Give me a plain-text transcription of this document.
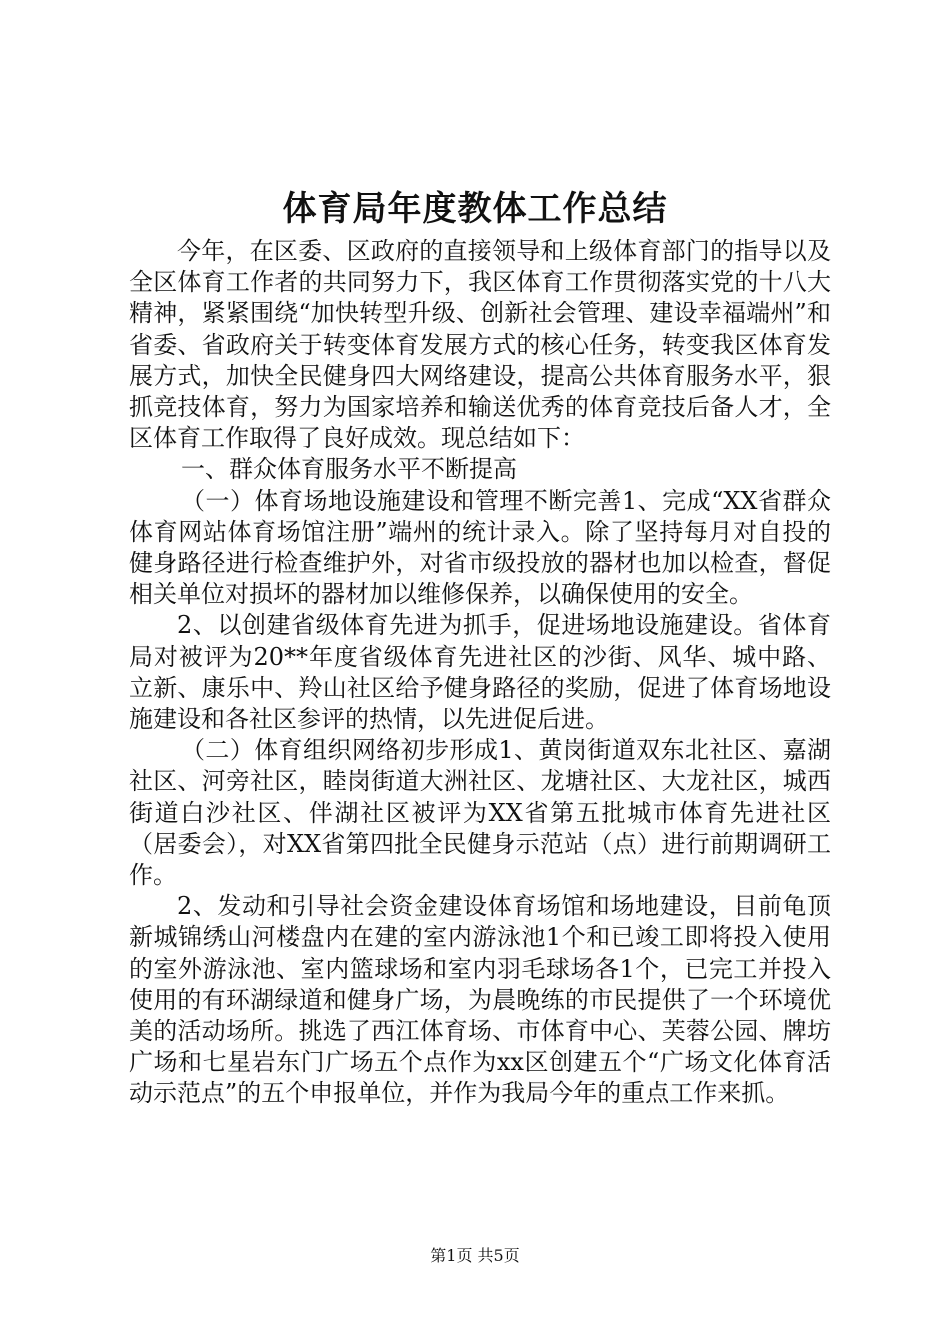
体育局年度教体工作总结

今年，在区委、区政府的直接领导和上级体育部门的指导以及全区体育工作者的共同努力下，我区体育工作贯彻落实党的十八大精神，紧紧围绕“加快转型升级、创新社会管理、建设幸福端州”和省委、省政府关于转变体育发展方式的核心任务，转变我区体育发展方式，加快全民健身四大网络建设，提高公共体育服务水平，狠抓竞技体育，努力为国家培养和输送优秀的体育竞技后备人才，全区体育工作取得了良好成效。现总结如下：

一、群众体育服务水平不断提高

（一）体育场地设施建设和管理不断完善1、完成“XX省群众体育网站体育场馆注册”端州的统计录入。除了坚持每月对自投的健身路径进行检查维护外，对省市级投放的器材也加以检查，督促相关单位对损坏的器材加以维修保养，以确保使用的安全。

2、以创建省级体育先进为抓手，促进场地设施建设。省体育局对被评为20**年度省级体育先进社区的沙街、风华、城中路、立新、康乐中、羚山社区给予健身路径的奖励，促进了体育场地设施建设和各社区参评的热情，以先进促后进。

（二）体育组织网络初步形成1、黄岗街道双东北社区、嘉湖社区、河旁社区，睦岗街道大洲社区、龙塘社区、大龙社区，城西街道白沙社区、伴湖社区被评为XX省第五批城市体育先进社区（居委会），对XX省第四批全民健身示范站（点）进行前期调研工作。

2、发动和引导社会资金建设体育场馆和场地建设，目前龟顶新城锦绣山河楼盘内在建的室内游泳池1个和已竣工即将投入使用的室外游泳池、室内篮球场和室内羽毛球场各1个，已完工并投入使用的有环湖绿道和健身广场，为晨晚练的市民提供了一个环境优美的活动场所。挑选了西江体育场、市体育中心、芙蓉公园、牌坊广场和七星岩东门广场五个点作为xx区创建五个“广场文化体育活动示范点”的五个申报单位，并作为我局今年的重点工作来抓。

第1页 共5页
